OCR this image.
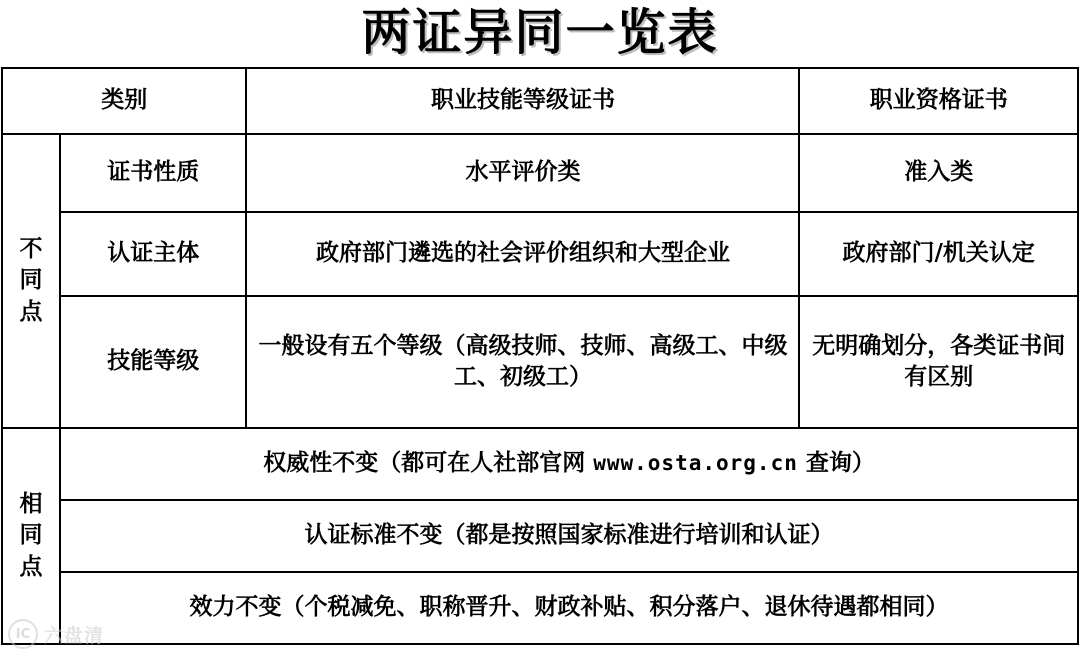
两证异同一览表
类别		职业技能等级证书	职业资格证书
不同点	证书性质	水平评价类	准入类
	认证主体	政府部门遴选的社会评价组织和大型企业	政府部门/机关认定
	技能等级	一般设有五个等级（高级技师、技师、高级工、中级工、初级工）	无明确划分，各类证书间有区别
相同点	权威性不变（都可在人社部官网 www.osta.org.cn 查询）		
	认证标准不变（都是按照国家标准进行培训和认证）		
	效力不变（个税减免、职称晋升、财政补贴、积分落户、退休待遇都相同）		
IC 六盘清
